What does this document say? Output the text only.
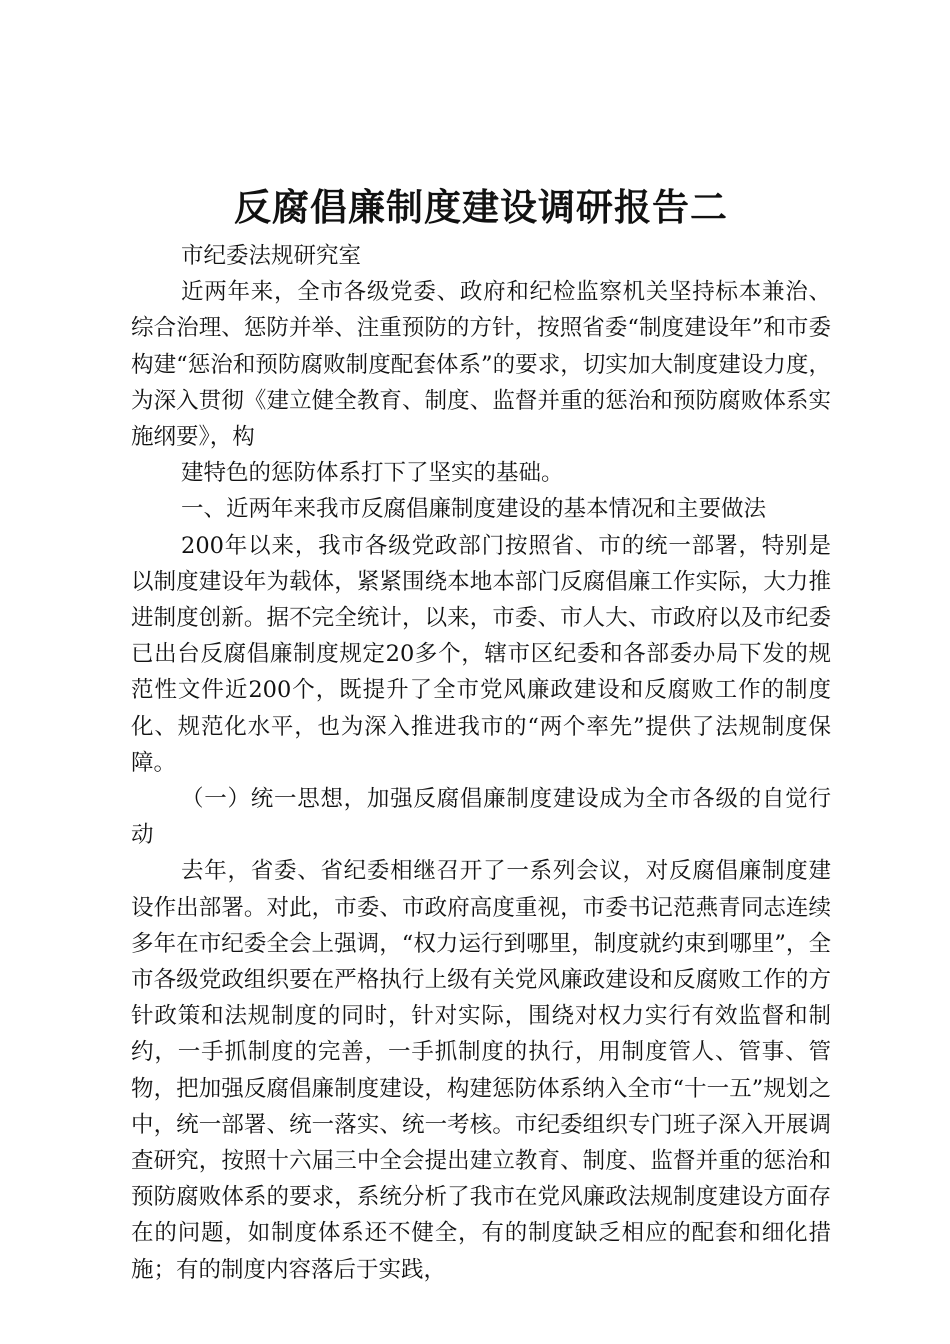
反腐倡廉制度建设调研报告二

市纪委法规研究室

近两年来，全市各级党委、政府和纪检监察机关坚持标本兼治、综合治理、惩防并举、注重预防的方针，按照省委“制度建设年”和市委构建“惩治和预防腐败制度配套体系”的要求，切实加大制度建设力度，为深入贯彻《建立健全教育、制度、监督并重的惩治和预防腐败体系实施纲要》，构

建特色的惩防体系打下了坚实的基础。

一、近两年来我市反腐倡廉制度建设的基本情况和主要做法

200年以来，我市各级党政部门按照省、市的统一部署，特别是以制度建设年为载体，紧紧围绕本地本部门反腐倡廉工作实际，大力推进制度创新。据不完全统计，以来，市委、市人大、市政府以及市纪委已出台反腐倡廉制度规定20多个，辖市区纪委和各部委办局下发的规范性文件近200个，既提升了全市党风廉政建设和反腐败工作的制度化、规范化水平，也为深入推进我市的“两个率先”提供了法规制度保障。

（一）统一思想，加强反腐倡廉制度建设成为全市各级的自觉行动

去年，省委、省纪委相继召开了一系列会议，对反腐倡廉制度建设作出部署。对此，市委、市政府高度重视，市委书记范燕青同志连续多年在市纪委全会上强调，“权力运行到哪里，制度就约束到哪里”，全市各级党政组织要在严格执行上级有关党风廉政建设和反腐败工作的方针政策和法规制度的同时，针对实际，围绕对权力实行有效监督和制约，一手抓制度的完善，一手抓制度的执行，用制度管人、管事、管物，把加强反腐倡廉制度建设，构建惩防体系纳入全市“十一五”规划之中，统一部署、统一落实、统一考核。市纪委组织专门班子深入开展调查研究，按照十六届三中全会提出建立教育、制度、监督并重的惩治和预防腐败体系的要求，系统分析了我市在党风廉政法规制度建设方面存在的问题，如制度体系还不健全，有的制度缺乏相应的配套和细化措施；有的制度内容落后于实践，
